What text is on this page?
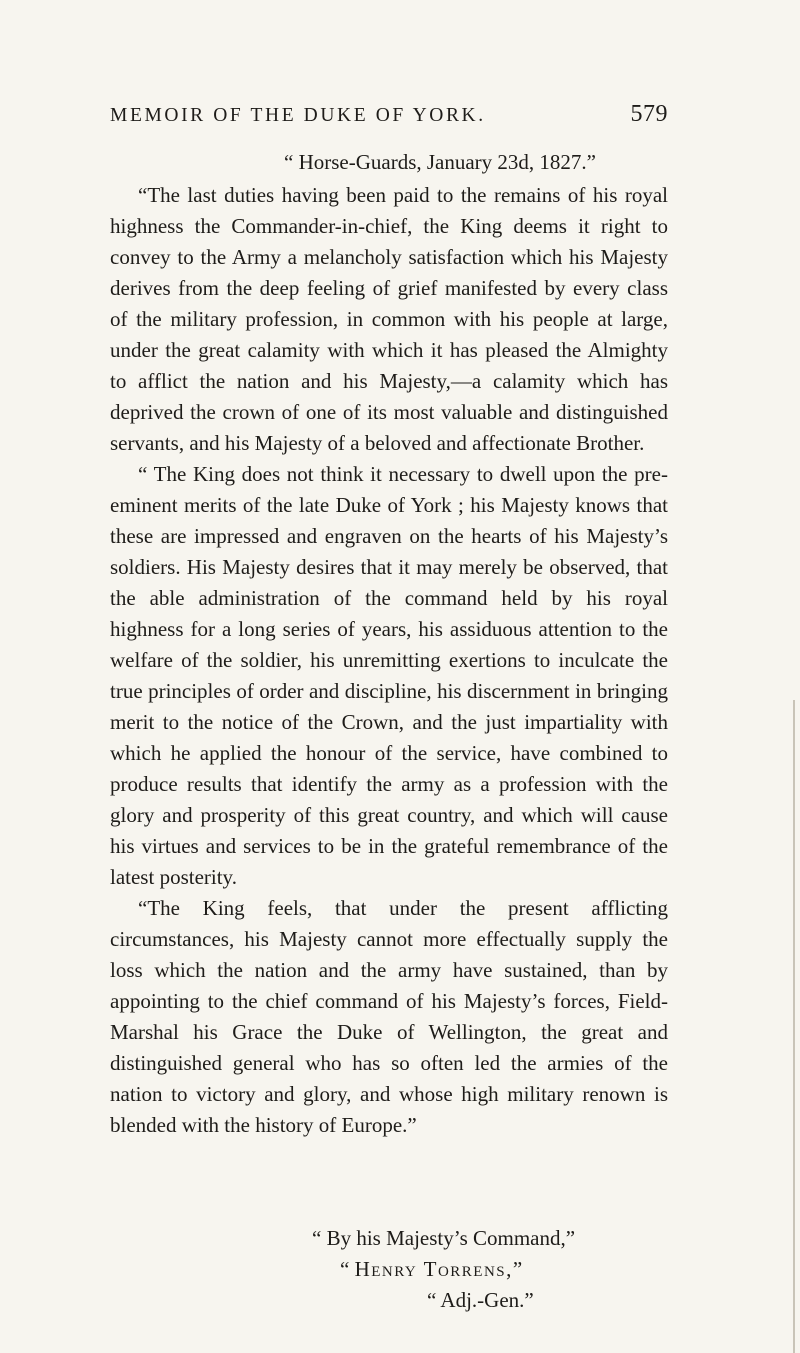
MEMOIR OF THE DUKE OF YORK.	579
“ Horse-Guards, January 23d, 1827.”

“The last duties having been paid to the remains of his royal highness the Commander-in-chief, the King deems it right to convey to the Army a melancholy satisfaction which his Majesty derives from the deep feeling of grief manifested by every class of the military profession, in common with his people at large, under the great calamity with which it has pleased the Almighty to afflict the nation and his Majesty,—a calamity which has deprived the crown of one of its most valuable and distinguished servants, and his Majesty of a beloved and affectionate Brother.

“ The King does not think it necessary to dwell upon the pre-eminent merits of the late Duke of York ; his Majesty knows that these are impressed and engraven on the hearts of his Majesty’s soldiers. His Majesty desires that it may merely be observed, that the able administration of the command held by his royal highness for a long series of years, his assiduous attention to the welfare of the soldier, his unremitting exertions to inculcate the true principles of order and discipline, his discernment in bringing merit to the notice of the Crown, and the just impartiality with which he applied the honour of the service, have combined to produce results that identify the army as a profession with the glory and prosperity of this great country, and which will cause his virtues and services to be in the grateful remembrance of the latest posterity.

“The King feels, that under the present afflicting circumstances, his Majesty cannot more effectually supply the loss which the nation and the army have sustained, than by appointing to the chief command of his Majesty’s forces, Field-Marshal his Grace the Duke of Wellington, the great and distinguished general who has so often led the armies of the nation to victory and glory, and whose high military renown is blended with the history of Europe.”

“ By his Majesty’s Command,”
“ Henry Torrens,”
“ Adj.-Gen.”
